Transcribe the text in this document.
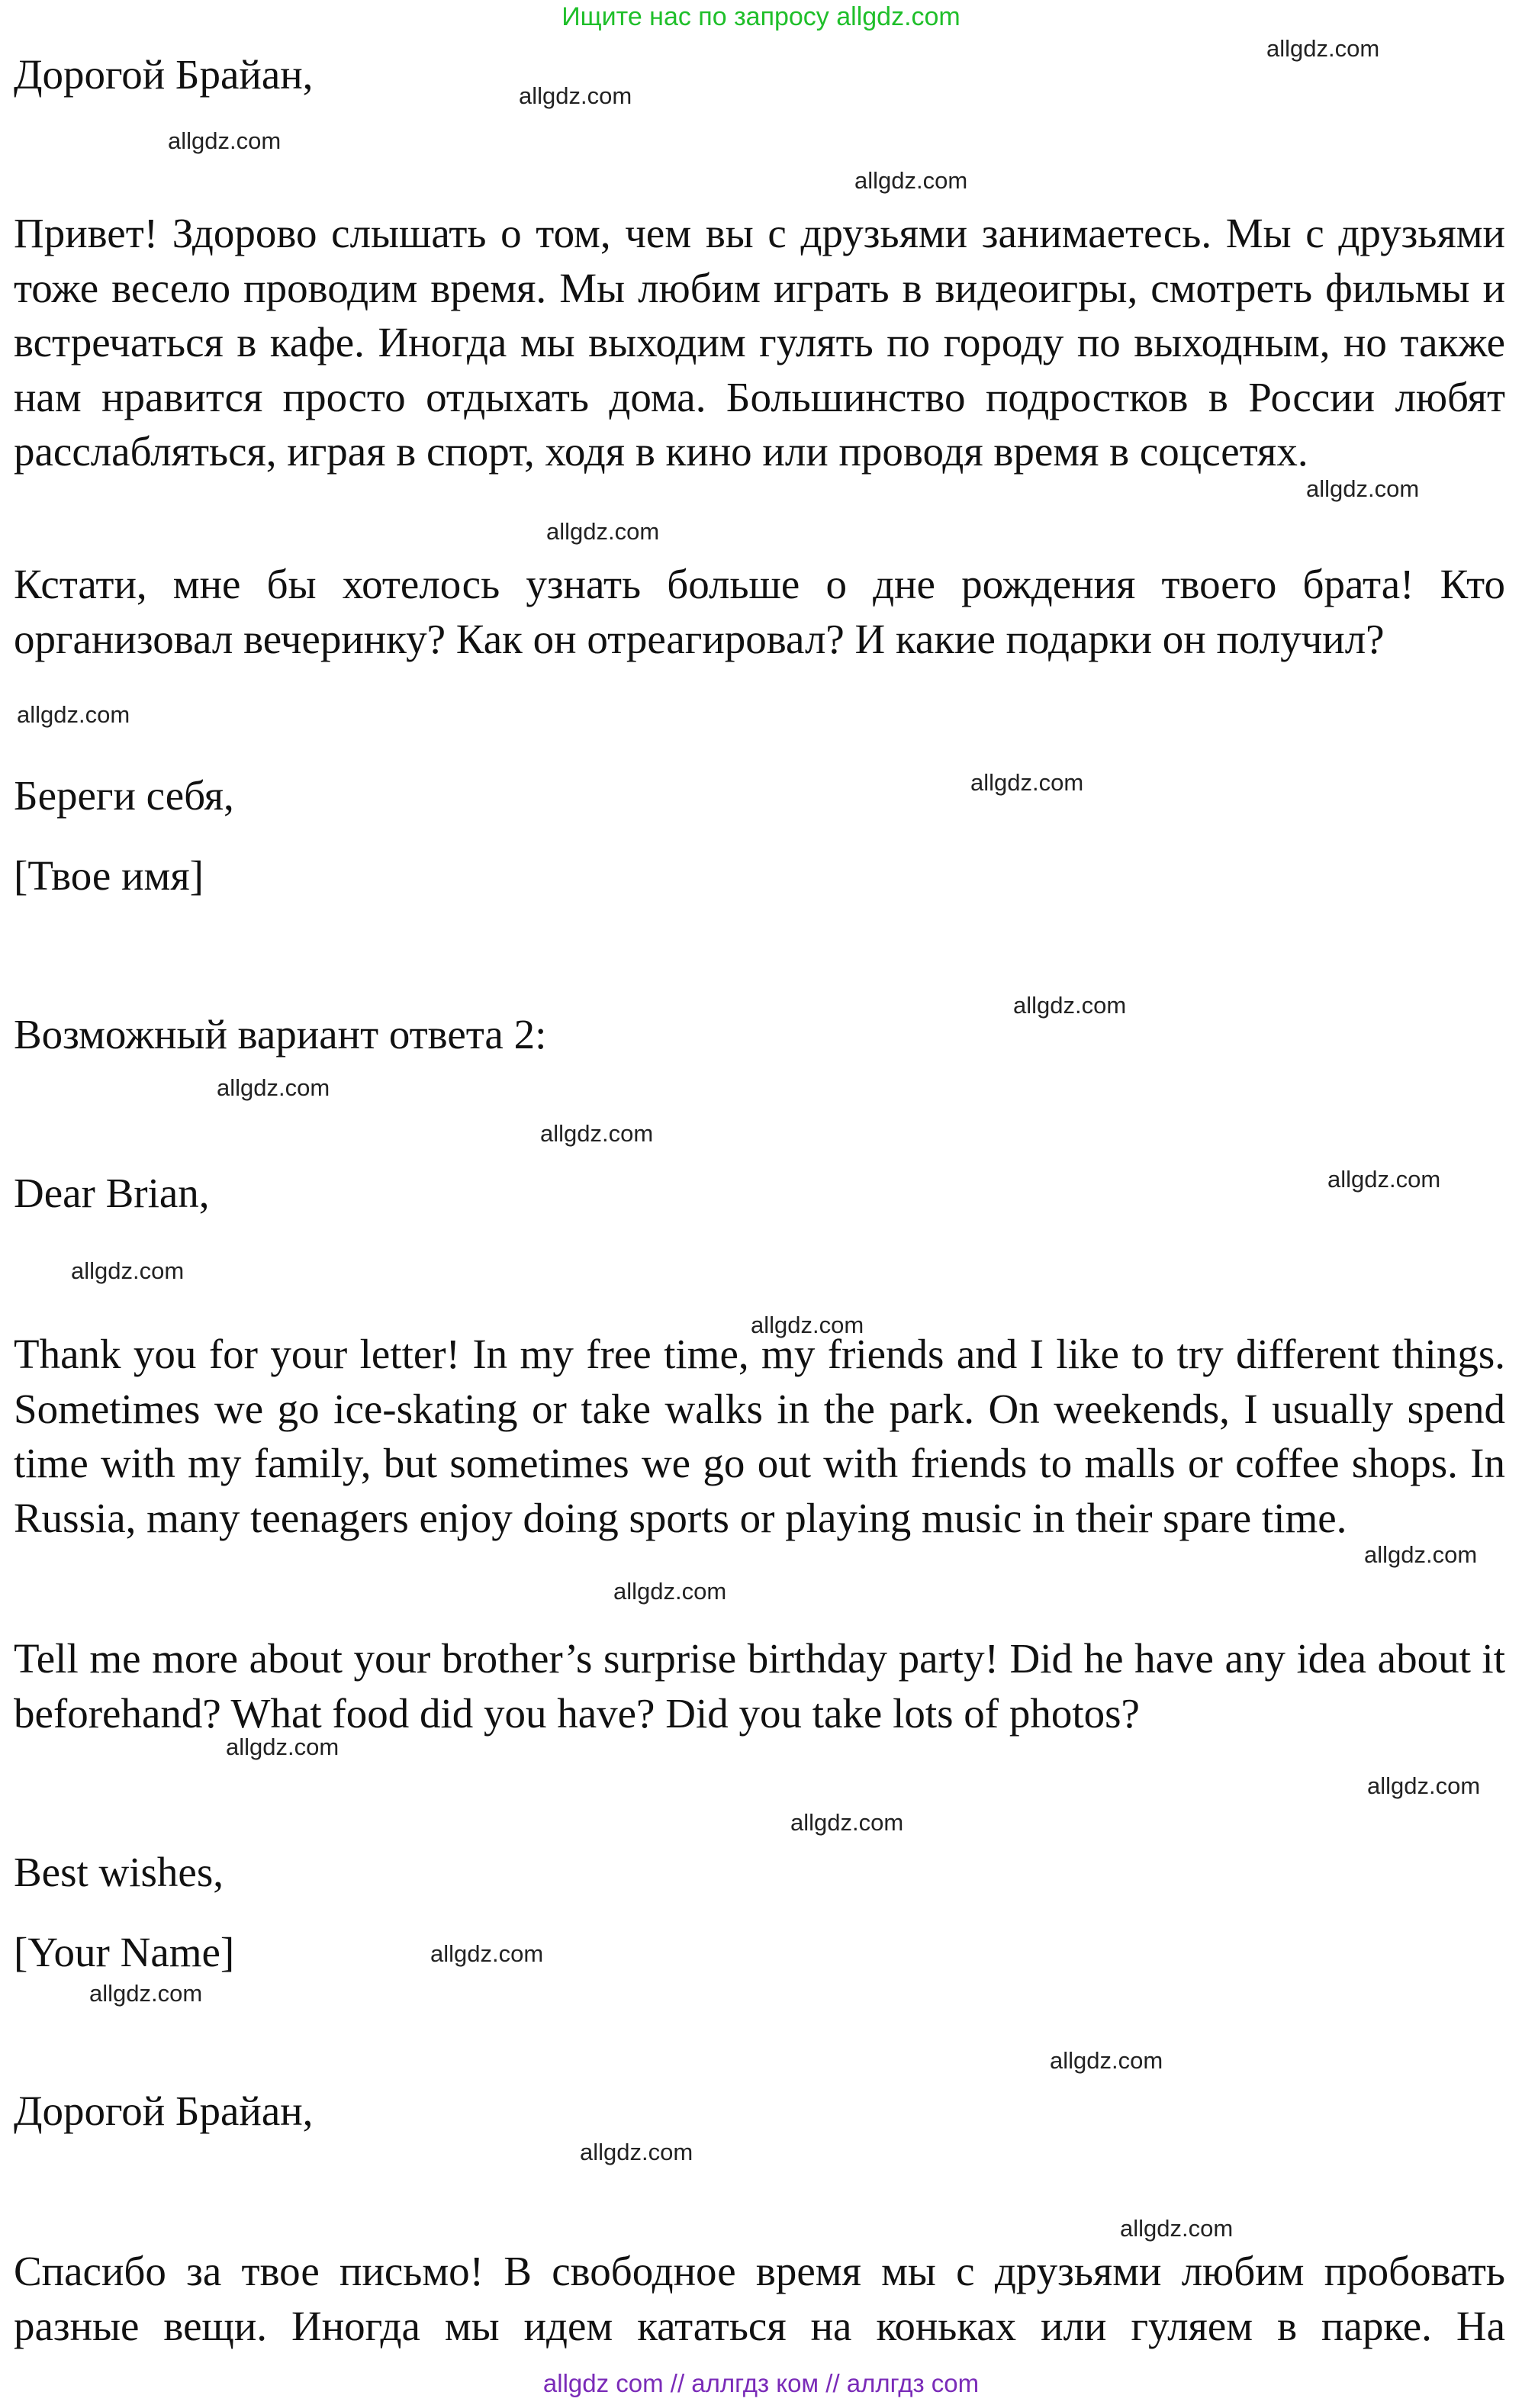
Ищите нас по запросу allgdz.com

Дорогой Брайан,

Привет! Здорово слышать о том, чем вы с друзьями занимаетесь. Мы с друзьями тоже весело проводим время. Мы любим играть в видеоигры, смотреть фильмы и встречаться в кафе. Иногда мы выходим гулять по городу по выходным, но также нам нравится просто отдыхать дома. Большинство подростков в России любят расслабляться, играя в спорт, ходя в кино или проводя время в соцсетях.

Кстати, мне бы хотелось узнать больше о дне рождения твоего брата! Кто организовал вечеринку? Как он отреагировал? И какие подарки он получил?

Береги себя,

[Твое имя]

Возможный вариант ответа 2:

Dear Brian,

Thank you for your letter! In my free time, my friends and I like to try different things. Sometimes we go ice-skating or take walks in the park. On weekends, I usually spend time with my family, but sometimes we go out with friends to malls or coffee shops. In Russia, many teenagers enjoy doing sports or playing music in their spare time.

Tell me more about your brother’s surprise birthday party! Did he have any idea about it beforehand? What food did you have? Did you take lots of photos?

Best wishes,

[Your Name]

Дорогой Брайан,

Спасибо за твое письмо! В свободное время мы с друзьями любим пробовать разные вещи. Иногда мы идем кататься на коньках или гуляем в парке. На

allgdz.com
allgdz.com
allgdz.com
allgdz.com
allgdz.com
allgdz.com
allgdz.com
allgdz.com
allgdz.com
allgdz.com
allgdz.com
allgdz.com
allgdz.com
allgdz.com
allgdz.com
allgdz.com
allgdz.com
allgdz.com
allgdz.com
allgdz.com
allgdz.com
allgdz.com
allgdz.com
allgdz.com
allgdz com // аллгдз ком // аллгдз com
